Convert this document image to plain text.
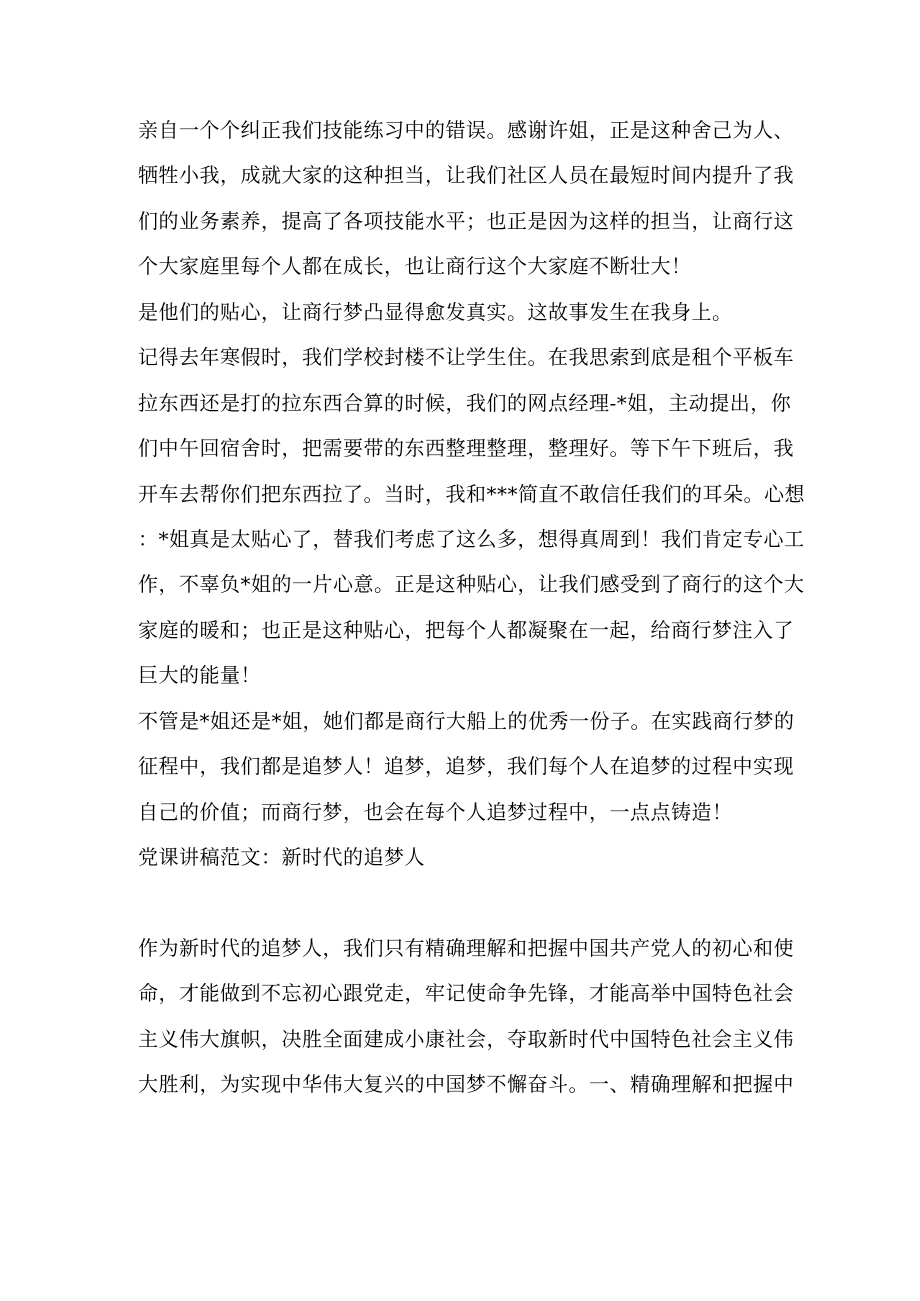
亲自一个个纠正我们技能练习中的错误。感谢许姐，正是这种舍己为人、
牺牲小我，成就大家的这种担当，让我们社区人员在最短时间内提升了我
们的业务素养，提高了各项技能水平；也正是因为这样的担当，让商行这
个大家庭里每个人都在成长，也让商行这个大家庭不断壮大！
是他们的贴心，让商行梦凸显得愈发真实。这故事发生在我身上。
记得去年寒假时，我们学校封楼不让学生住。在我思索到底是租个平板车
拉东西还是打的拉东西合算的时候，我们的网点经理-*姐，主动提出，你
们中午回宿舍时，把需要带的东西整理整理，整理好。等下午下班后，我
开车去帮你们把东西拉了。当时，我和***简直不敢信任我们的耳朵。心想
：*姐真是太贴心了，替我们考虑了这么多，想得真周到！我们肯定专心工
作，不辜负*姐的一片心意。正是这种贴心，让我们感受到了商行的这个大
家庭的暖和；也正是这种贴心，把每个人都凝聚在一起，给商行梦注入了
巨大的能量！
不管是*姐还是*姐，她们都是商行大船上的优秀一份子。在实践商行梦的
征程中，我们都是追梦人！追梦，追梦，我们每个人在追梦的过程中实现
自己的价值；而商行梦，也会在每个人追梦过程中，一点点铸造！
党课讲稿范文：新时代的追梦人
作为新时代的追梦人，我们只有精确理解和把握中国共产党人的初心和使
命，才能做到不忘初心跟党走，牢记使命争先锋，才能高举中国特色社会
主义伟大旗帜，决胜全面建成小康社会，夺取新时代中国特色社会主义伟
大胜利，为实现中华伟大复兴的中国梦不懈奋斗。一、精确理解和把握中
